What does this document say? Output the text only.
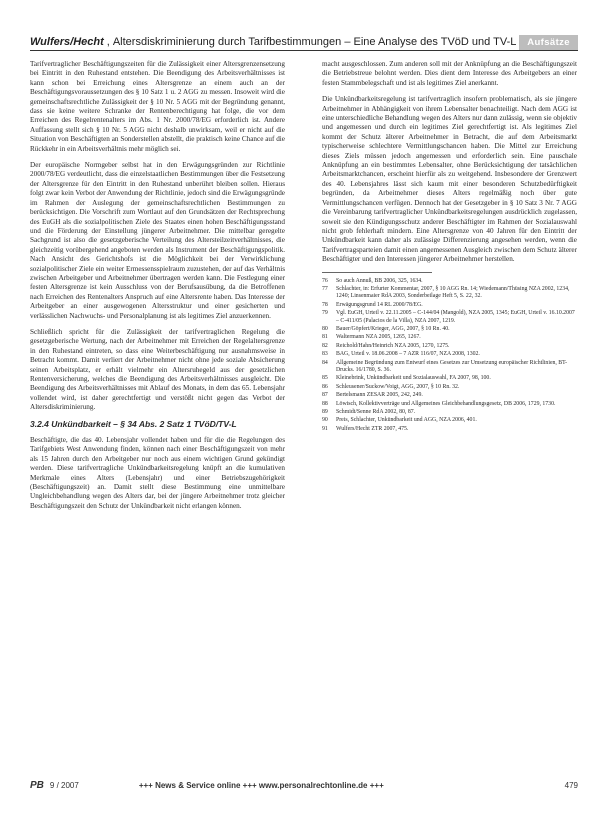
Wulfers/Hecht , Altersdiskriminierung durch Tarifbestimmungen – Eine Analyse des TVöD und TV-L	Aufsätze

Tarifvertraglicher Beschäftigungszeiten für die Zulässigkeit einer Altersgrenzensetzung bei Eintritt in den Ruhestand entstehen. Die Beendigung des Arbeitsverhältnisses ist kann schon bei Erreichung eines Altersgrenze an einem auch an der Beschäftigungsvoraussetzungen des § 10 Satz 1 u. 2 AGG zu messen. Insoweit wird die gemeinschaftsrechtliche Zulässigkeit der § 10 Nr. 5 AGG mit der Begründung genannt, dass sie keine weitere Schranke der Rentenberechtigung hat folge, die vor dem Erreichen des Regelrentenalters im Abs. 1 Nr. 2000/78/EG erforderlich ist. Andere Auffassung stellt sich § 10 Nr. 5 AGG nicht deshalb unwirksam, weil er nicht auf die Situation von Beschäftigten an Sonderstellen abstellt, die praktisch keine Chance auf die Rückkehr in ein Arbeitsverhältnis mehr möglich sei.

Der europäische Normgeber selbst hat in den Erwägungsgründen zur Richtlinie 2000/78/EG verdeutlicht, dass die einzelstaatlichen Bestimmungen über die Festsetzung der Altersgrenze für den Eintritt in den Ruhestand unberührt bleiben sollen. Hieraus folgt zwar kein Verbot der Anwendung der Richtlinie, jedoch sind die Erwägungsgründe im Rahmen der Auslegung der gemeinschaftsrechtlichen Bestimmungen zu berücksichtigen. Die Vorschrift zum Wortlaut auf den Grundsätzen der Rechtsprechung des EuGH als die sozialpolitischen Ziele des Staates einen hohen Beschäftigungsstand und die Förderung der Einstellung jüngerer Arbeitnehmer. Die mittelbar geregelte Sachgrund ist also die gesetzgeberische Verteilung des Altersteilzeitverhältnisses, die gleichzeitig vorübergehend angeboten werden als Instrument der Beschäftigungspolitik. Nach Ansicht des Gerichtshofs ist die Möglichkeit bei der Verwirklichung sozialpolitischer Ziele ein weiter Ermessensspielraum zuzustehen, der auf das Verhältnis zwischen Arbeitgeber und Arbeitnehmer übertragen werden kann. Die Festlegung einer festen Altersgrenze ist kein Ausschluss von der Berufsausübung, da die Betroffenen nach Erreichen des Rentenalters Anspruch auf eine Altersrente haben. Das Interesse der Arbeitgeber an einer ausgewogenen Altersstruktur und einer gesicherten und verlässlichen Nachwuchs- und Personalplanung ist als legitimes Ziel anzuerkennen.

Schließlich spricht für die Zulässigkeit der tarifvertraglichen Regelung die gesetzgeberische Wertung, nach der Arbeitnehmer mit Erreichen der Regelaltersgrenze in den Ruhestand eintreten, so dass eine Weiterbeschäftigung nur ausnahmsweise in Betracht kommt. Damit verliert der Arbeitnehmer nicht ohne jede soziale Absicherung seinen Arbeitsplatz, er erhält vielmehr ein Altersruhegeld aus der gesetzlichen Rentenversicherung, welches die Beendigung des Arbeitsverhältnisses ausgleicht. Die Beendigung des Arbeitsverhältnisses mit Ablauf des Monats, in dem das 65. Lebensjahr vollendet wird, ist daher gerechtfertigt und verstößt nicht gegen das Verbot der Altersdiskriminierung.

3.2.4 Unkündbarkeit – § 34 Abs. 2 Satz 1 TVöD/TV-L

Beschäftigte, die das 40. Lebensjahr vollendet haben und für die die Regelungen des Tarifgebiets West Anwendung finden, können nach einer Beschäftigungszeit von mehr als 15 Jahren durch den Arbeitgeber nur noch aus einem wichtigen Grund gekündigt werden. Diese tarifvertragliche Unkündbarkeitsregelung knüpft an die kumulativen Merkmale eines Alters (Lebensjahr) und einer Betriebszugehörigkeit (Beschäftigungszeit) an. Damit stellt diese Bestimmung eine unmittelbare Ungleichbehandlung wegen des Alters dar, bei der jüngere Arbeitnehmer trotz gleicher Beschäftigungszeit den Schutz der Unkündbarkeit nicht erlangen können.

macht ausgeschlossen. Zum anderen soll mit der Anknüpfung an die Beschäftigungszeit die Betriebstreue belohnt werden. Dies dient dem Interesse des Arbeitgebers an einer festen Stammbelegschaft und ist als legitimes Ziel anerkannt.

Die Unkündbarkeitsregelung ist tarifvertraglich insofern problematisch, als sie jüngere Arbeitnehmer in Abhängigkeit von ihrem Lebensalter benachteiligt. Nach dem AGG ist eine unterschiedliche Behandlung wegen des Alters nur dann zulässig, wenn sie objektiv und angemessen und durch ein legitimes Ziel gerechtfertigt ist. Als legitimes Ziel kommt der Schutz älterer Arbeitnehmer in Betracht, die auf dem Arbeitsmarkt typischerweise schlechtere Vermittlungschancen haben. Die Mittel zur Erreichung dieses Ziels müssen jedoch angemessen und erforderlich sein. Eine pauschale Anknüpfung an ein bestimmtes Lebensalter, ohne Berücksichtigung der tatsächlichen Arbeitsmarktchancen, erscheint hierfür als zu weitgehend. Insbesondere der Grenzwert des 40. Lebensjahres lässt sich kaum mit einer besonderen Schutzbedürftigkeit begründen, da Arbeitnehmer dieses Alters regelmäßig noch über gute Vermittlungschancen verfügen. Dennoch hat der Gesetzgeber in § 10 Satz 3 Nr. 7 AGG die Vereinbarung tarifvertraglicher Unkündbarkeitsregelungen ausdrücklich zugelassen, soweit sie den Kündigungsschutz anderer Beschäftigter im Rahmen der Sozialauswahl nicht grob fehlerhaft mindern. Eine Altersgrenze von 40 Jahren für den Eintritt der Unkündbarkeit kann daher als zulässige Differenzierung angesehen werden, wenn die Tarifvertragsparteien damit einen angemessenen Ausgleich zwischen dem Schutz älterer Beschäftigter und den Interessen jüngerer Arbeitnehmer herstellen.

76	So auch Annuß, BB 2006, 325, 1634.
77	Schlachter, in: Erfurter Kommentar, 2007, § 10 AGG Rn. 14; Wiedemann/Thüsing NZA 2002, 1234, 1240; Linsenmaier RdA 2003, Sonderbeilage Heft 5, S. 22, 32.
78	Erwägungsgrund 14 RL 2000/78/EG.
79	Vgl. EuGH, Urteil v. 22.11.2005 – C-144/04 (Mangold), NZA 2005, 1345; EuGH, Urteil v. 16.10.2007 – C-411/05 (Palacios de la Villa), NZA 2007, 1219.
80	Bauer/Göpfert/Krieger, AGG, 2007, § 10 Rn. 40.
81	Waltermann NZA 2005, 1265, 1267.
82	Reichold/Hahn/Heinrich NZA 2005, 1270, 1275.
83	BAG, Urteil v. 18.06.2008 – 7 AZR 116/07, NZA 2008, 1302.
84	Allgemeine Begründung zum Entwurf eines Gesetzes zur Umsetzung europäischer Richtlinien, BT-Drucks. 16/1780, S. 36.
85	Kleinebrink, Unkündbarkeit und Sozialauswahl, FA 2007, 98, 100.
86	Schleusener/Suckow/Voigt, AGG, 2007, § 10 Rn. 32.
87	Bertelsmann ZESAR 2005, 242, 249.
88	Löwisch, Kollektivverträge und Allgemeines Gleichbehandlungsgesetz, DB 2006, 1729, 1730.
89	Schmidt/Senne RdA 2002, 80, 87.
90	Preis, Schlachter, Unkündbarkeit und AGG, NZA 2006, 401.
91	Wulfers/Hecht ZTR 2007, 475.
PB 9 / 2007	+++ News & Service online +++ www.personalrechtonline.de +++	479
